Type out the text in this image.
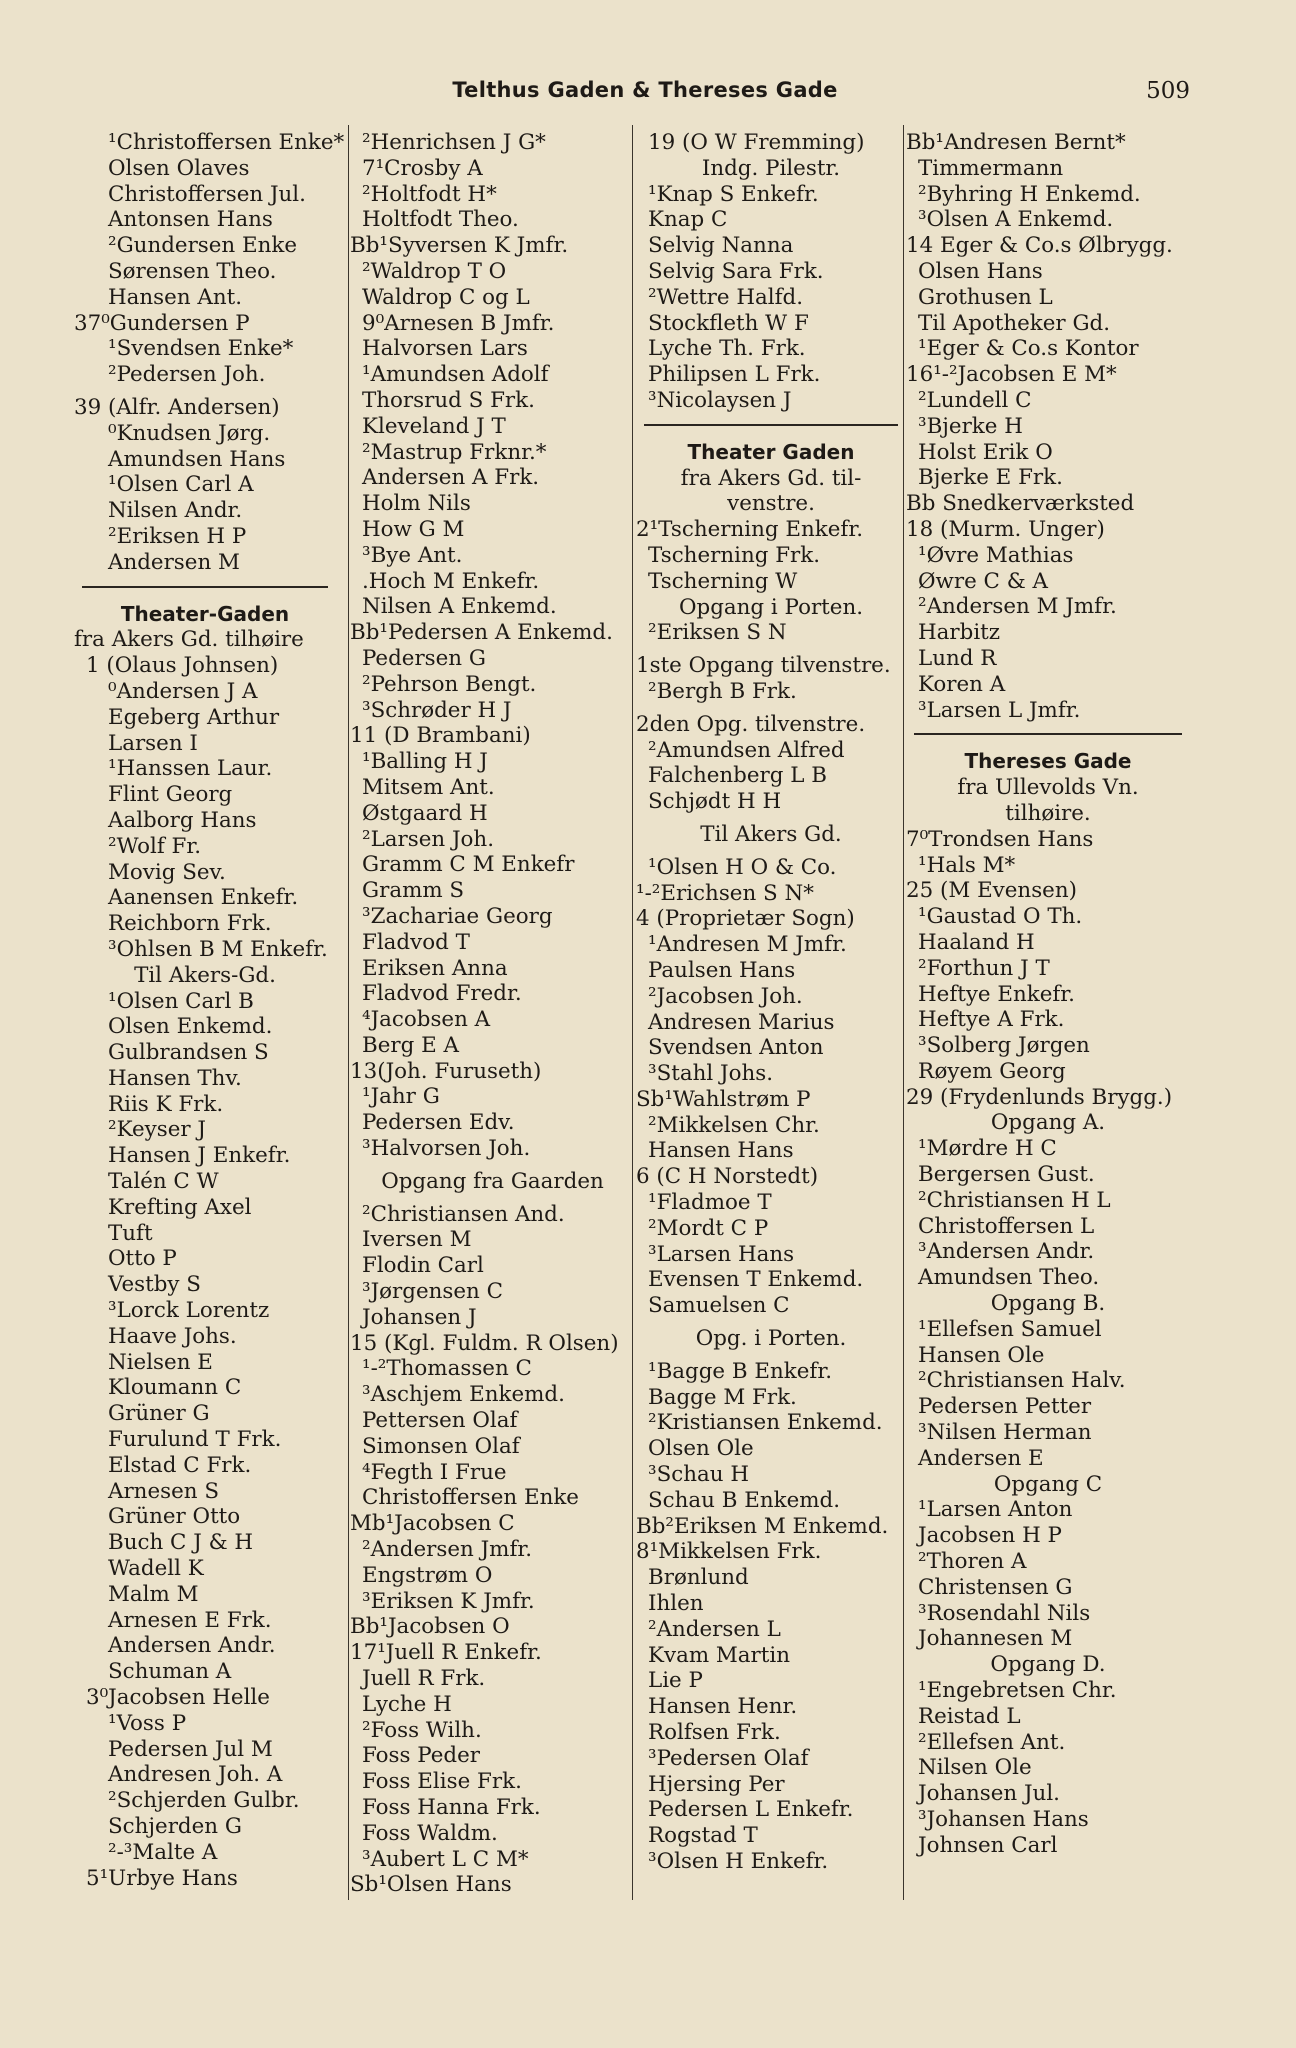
Telthus Gaden & Thereses Gade	509
¹Christoffersen Enke*
Olsen Olaves
Christoffersen Jul.
Antonsen Hans
²Gundersen Enke
Sørensen Theo.
Hansen Ant.
37⁰Gundersen P
¹Svendsen Enke*
²Pedersen Joh.
39 (Alfr. Andersen)
⁰Knudsen Jørg.
Amundsen Hans
¹Olsen Carl A
Nilsen Andr.
²Eriksen H P
Andersen M
Theater-Gaden
fra Akers Gd. tilhøire
1 (Olaus Johnsen)
⁰Andersen J A
Egeberg Arthur
Larsen I
¹Hanssen Laur.
Flint Georg
Aalborg Hans
²Wolf Fr.
Movig Sev.
Aanensen Enkefr.
Reichborn Frk.
³Ohlsen B M Enkefr.
Til Akers-Gd.
¹Olsen Carl B
Olsen Enkemd.
Gulbrandsen S
Hansen Thv.
Riis K Frk.
²Keyser J
Hansen J Enkefr.
Talén C W
Krefting Axel
Tuft
Otto P
Vestby S
³Lorck Lorentz
Haave Johs.
Nielsen E
Kloumann C
Grüner G
Furulund T Frk.
Elstad C Frk.
Arnesen S
Grüner Otto
Buch C J & H
Wadell K
Malm M
Arnesen E Frk.
Andersen Andr.
Schuman A
3⁰Jacobsen Helle
¹Voss P
Pedersen Jul M
Andresen Joh. A
²Schjerden Gulbr.
Schjerden G
²-³Malte A
5¹Urbye Hans
²Henrichsen J G*
7¹Crosby A
²Holtfodt H*
Holtfodt Theo.
Bb¹Syversen K Jmfr.
²Waldrop T O
Waldrop C og L
9⁰Arnesen B Jmfr.
Halvorsen Lars
¹Amundsen Adolf
Thorsrud S Frk.
Kleveland J T
²Mastrup Frknr.*
Andersen A Frk.
Holm Nils
How G M
³Bye Ant.
.Hoch M Enkefr.
Nilsen A Enkemd.
Bb¹Pedersen A Enkemd.
Pedersen G
²Pehrson Bengt.
³Schrøder H J
11 (D Brambani)
¹Balling H J
Mitsem Ant.
Østgaard H
²Larsen Joh.
Gramm C M Enkefr
Gramm S
³Zachariae Georg
Fladvod T
Eriksen Anna
Fladvod Fredr.
⁴Jacobsen A
Berg E A
13(Joh. Furuseth)
¹Jahr G
Pedersen Edv.
³Halvorsen Joh.
Opgang fra Gaarden
²Christiansen And.
Iversen M
Flodin Carl
³Jørgensen C
Johansen J
15 (Kgl. Fuldm. R Olsen)
¹-²Thomassen C
³Aschjem Enkemd.
Pettersen Olaf
Simonsen Olaf
⁴Fegth I Frue
Christoffersen Enke
Mb¹Jacobsen C
²Andersen Jmfr.
Engstrøm O
³Eriksen K Jmfr.
Bb¹Jacobsen O
17¹Juell R Enkefr.
Juell R Frk.
Lyche H
²Foss Wilh.
Foss Peder
Foss Elise Frk.
Foss Hanna Frk.
Foss Waldm.
³Aubert L C M*
Sb¹Olsen Hans
19 (O W Fremming)
Indg. Pilestr.
¹Knap S Enkefr.
Knap C
Selvig Nanna
Selvig Sara Frk.
²Wettre Halfd.
Stockfleth W F
Lyche Th. Frk.
Philipsen L Frk.
³Nicolaysen J
Theater Gaden
fra Akers Gd. til-
venstre.
2¹Tscherning Enkefr.
Tscherning Frk.
Tscherning W
Opgang i Porten.
²Eriksen S N
1ste Opgang tilvenstre.
²Bergh B Frk.
2den Opg. tilvenstre.
²Amundsen Alfred
Falchenberg L B
Schjødt H H
Til Akers Gd.
¹Olsen H O & Co.
¹-²Erichsen S N*
4 (Proprietær Sogn)
¹Andresen M Jmfr.
Paulsen Hans
²Jacobsen Joh.
Andresen Marius
Svendsen Anton
³Stahl Johs.
Sb¹Wahlstrøm P
²Mikkelsen Chr.
Hansen Hans
6 (C H Norstedt)
¹Fladmoe T
²Mordt C P
³Larsen Hans
Evensen T Enkemd.
Samuelsen C
Opg. i Porten.
¹Bagge B Enkefr.
Bagge M Frk.
²Kristiansen Enkemd.
Olsen Ole
³Schau H
Schau B Enkemd.
Bb²Eriksen M Enkemd.
8¹Mikkelsen Frk.
Brønlund
Ihlen
²Andersen L
Kvam Martin
Lie P
Hansen Henr.
Rolfsen Frk.
³Pedersen Olaf
Hjersing Per
Pedersen L Enkefr.
Rogstad T
³Olsen H Enkefr.
Bb¹Andresen Bernt*
Timmermann
²Byhring H Enkemd.
³Olsen A Enkemd.
14 Eger & Co.s Ølbrygg.
Olsen Hans
Grothusen L
Til Apotheker Gd.
¹Eger & Co.s Kontor
16¹-²Jacobsen E M*
²Lundell C
³Bjerke H
Holst Erik O
Bjerke E Frk.
Bb Snedkerværksted
18 (Murm. Unger)
¹Øvre Mathias
Øwre C & A
²Andersen M Jmfr.
Harbitz
Lund R
Koren A
³Larsen L Jmfr.
Thereses Gade
fra Ullevolds Vn.
tilhøire.
7⁰Trondsen Hans
¹Hals M*
25 (M Evensen)
¹Gaustad O Th.
Haaland H
²Forthun J T
Heftye Enkefr.
Heftye A Frk.
³Solberg Jørgen
Røyem Georg
29 (Frydenlunds Brygg.)
Opgang A.
¹Mørdre H C
Bergersen Gust.
²Christiansen H L
Christoffersen L
³Andersen Andr.
Amundsen Theo.
Opgang B.
¹Ellefsen Samuel
Hansen Ole
²Christiansen Halv.
Pedersen Petter
³Nilsen Herman
Andersen E
Opgang C
¹Larsen Anton
Jacobsen H P
²Thoren A
Christensen G
³Rosendahl Nils
Johannesen M
Opgang D.
¹Engebretsen Chr.
Reistad L
²Ellefsen Ant.
Nilsen Ole
Johansen Jul.
³Johansen Hans
Johnsen Carl
